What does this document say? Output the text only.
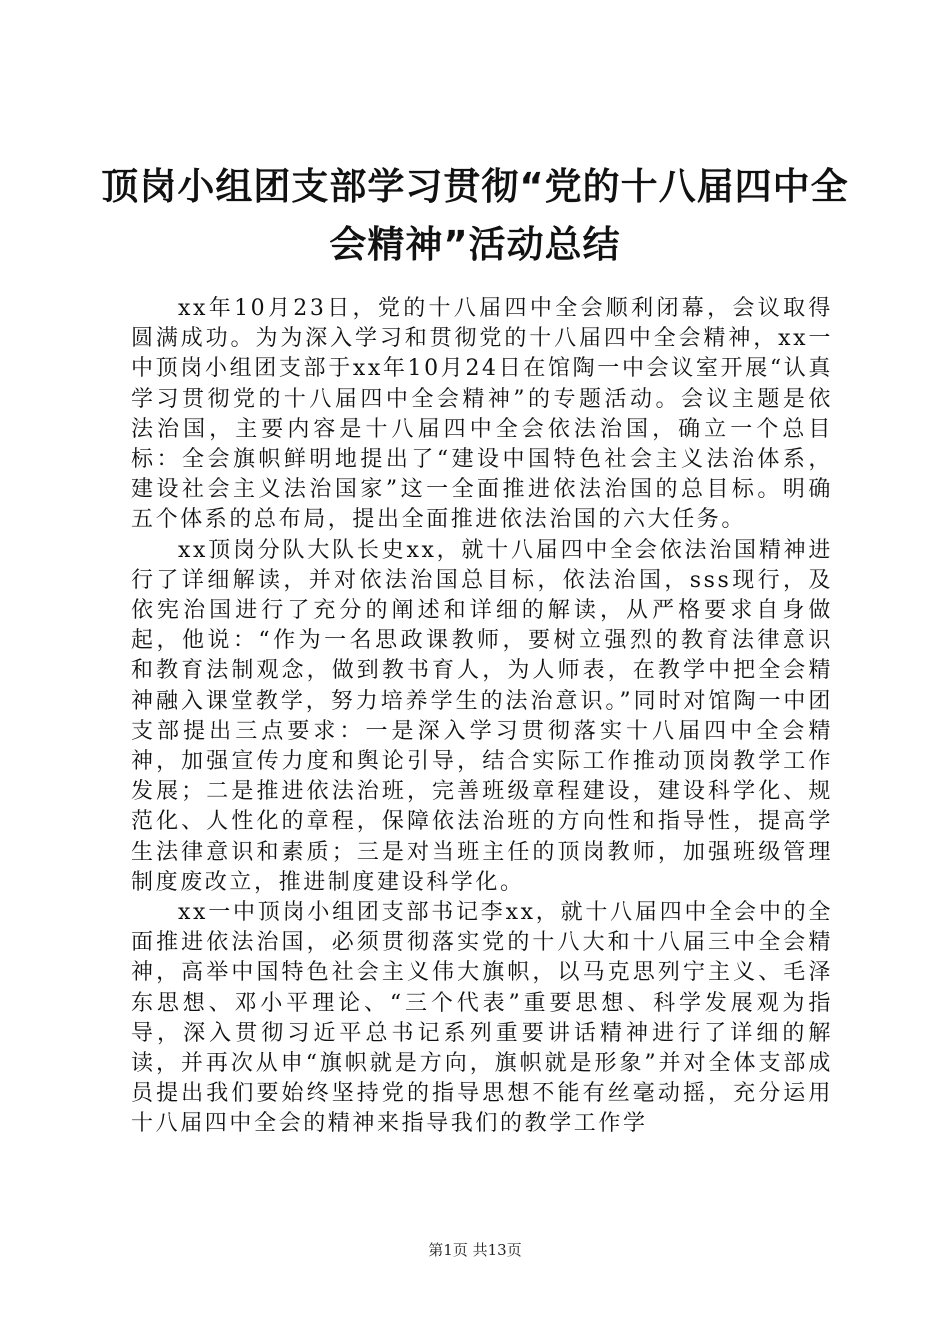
顶岗小组团支部学习贯彻“党的十八届四中全会精神”活动总结

xx年10月23日，党的十八届四中全会顺利闭幕，会议取得圆满成功。为为深入学习和贯彻党的十八届四中全会精神，xx一中顶岗小组团支部于xx年10月24日在馆陶一中会议室开展“认真学习贯彻党的十八届四中全会精神”的专题活动。会议主题是依法治国，主要内容是十八届四中全会依法治国，确立一个总目标：全会旗帜鲜明地提出了“建设中国特色社会主义法治体系，建设社会主义法治国家”这一全面推进依法治国的总目标。明确五个体系的总布局，提出全面推进依法治国的六大任务。

xx顶岗分队大队长史xx，就十八届四中全会依法治国精神进行了详细解读，并对依法治国总目标，依法治国，sss现行，及依宪治国进行了充分的阐述和详细的解读，从严格要求自身做起，他说：“作为一名思政课教师，要树立强烈的教育法律意识和教育法制观念，做到教书育人，为人师表，在教学中把全会精神融入课堂教学，努力培养学生的法治意识。”同时对馆陶一中团支部提出三点要求：一是深入学习贯彻落实十八届四中全会精神，加强宣传力度和舆论引导，结合实际工作推动顶岗教学工作发展；二是推进依法治班，完善班级章程建设，建设科学化、规范化、人性化的章程，保障依法治班的方向性和指导性，提高学生法律意识和素质；三是对当班主任的顶岗教师，加强班级管理制度废改立，推进制度建设科学化。

xx一中顶岗小组团支部书记李xx，就十八届四中全会中的全面推进依法治国，必须贯彻落实党的十八大和十八届三中全会精神，高举中国特色社会主义伟大旗帜，以马克思列宁主义、毛泽东思想、邓小平理论、“三个代表”重要思想、科学发展观为指导，深入贯彻习近平总书记系列重要讲话精神进行了详细的解读，并再次从申“旗帜就是方向，旗帜就是形象”并对全体支部成员提出我们要始终坚持党的指导思想不能有丝毫动摇，充分运用十八届四中全会的精神来指导我们的教学工作学

第1页 共13页
